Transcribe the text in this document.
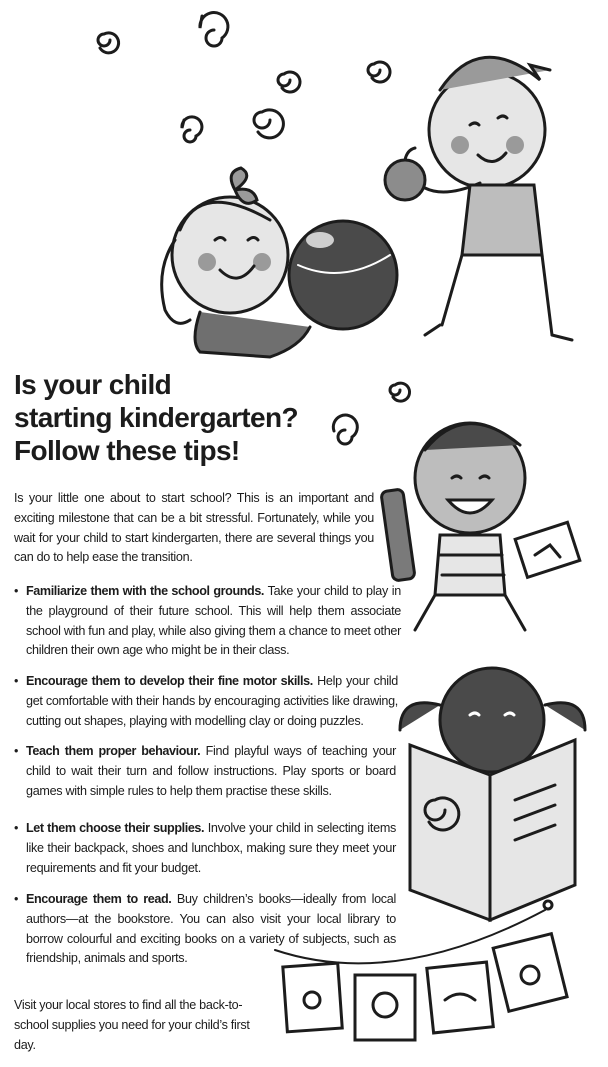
Is your child
starting kindergarten?
Follow these tips!

Is your little one about to start school? This is an important and exciting milestone that can be a bit stressful. Fortunately, while you wait for your child to start kindergarten, there are several things you can do to help ease the transition.

• Familiarize them with the school grounds. Take your child to play in the playground of their future school. This will help them associate school with fun and play, while also giving them a chance to meet other children their own age who might be in their class.
• Encourage them to develop their fine motor skills. Help your child get comfortable with their hands by encouraging activities like drawing, cutting out shapes, playing with modelling clay or doing puzzles.
• Teach them proper behaviour. Find playful ways of teaching your child to wait their turn and follow instructions. Play sports or board games with simple rules to help them practise these skills.
• Let them choose their supplies. Involve your child in selecting items like their backpack, shoes and lunchbox, making sure they meet your requirements and fit your budget.
• Encourage them to read. Buy children’s books—ideally from local authors—at the bookstore. You can also visit your local library to borrow colourful and exciting books on a variety of subjects, such as friendship, animals and sports.

Visit your local stores to find all the back-to-school supplies you need for your child’s first day.
